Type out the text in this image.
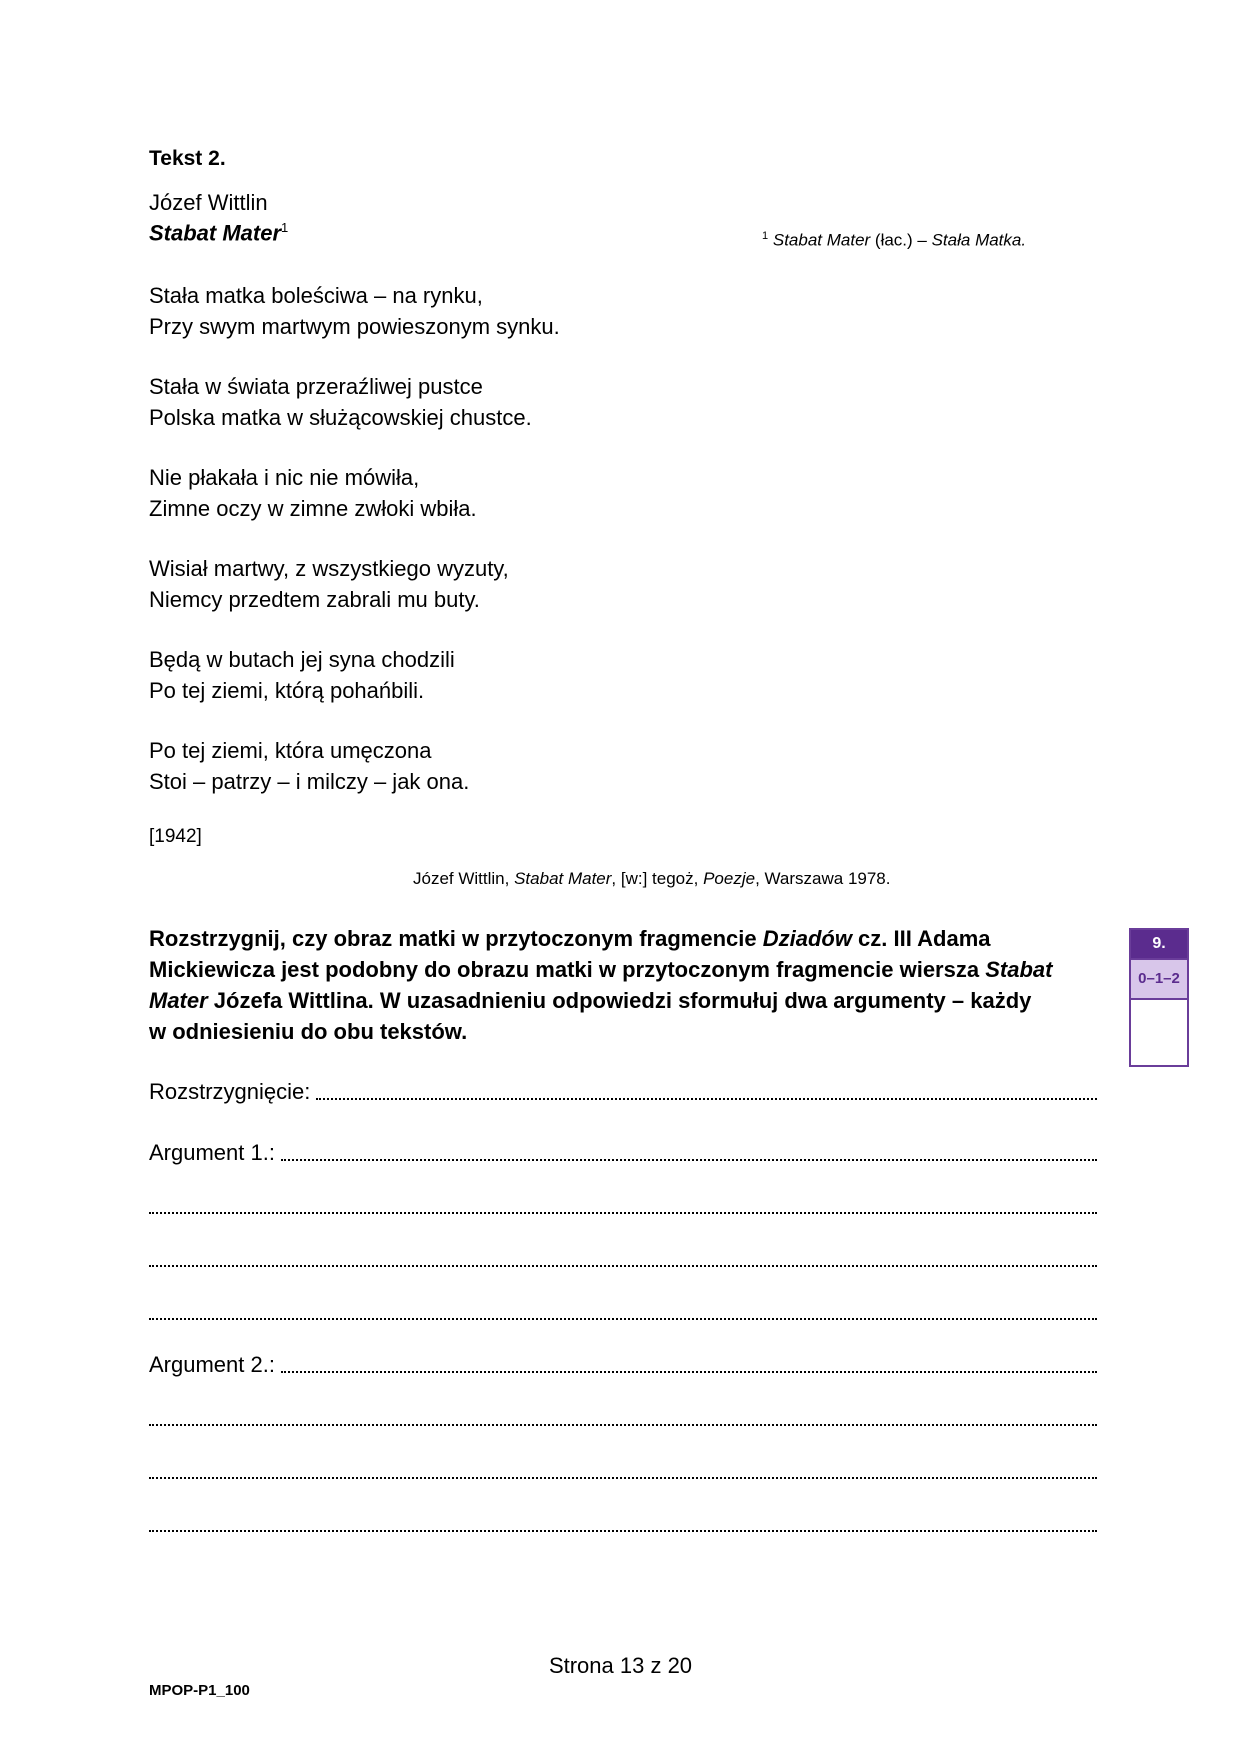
Tekst 2.
Józef Wittlin
Stabat Mater$^1$
$^1$ Stabat Mater (łac.) – Stała Matka.
Stała matka boleściwa – na rynku,
Przy swym martwym powieszonym synku.
Stała w świata przeraźliwej pustce
Polska matka w służącowskiej chustce.
Nie płakała i nic nie mówiła,
Zimne oczy w zimne zwłoki wbiła.
Wisiał martwy, z wszystkiego wyzuty,
Niemcy przedtem zabrali mu buty.
Będą w butach jej syna chodzili
Po tej ziemi, którą pohańbili.
Po tej ziemi, która umęczona
Stoi – patrzy – i milczy – jak ona.
[1942]
Józef Wittlin, Stabat Mater, [w:] tegoż, Poezje, Warszawa 1978.
Rozstrzygnij, czy obraz matki w przytoczonym fragmencie Dziadów cz. III Adama
Mickiewicza jest podobny do obrazu matki w przytoczonym fragmencie wiersza Stabat
Mater Józefa Wittlina. W uzasadnieniu odpowiedzi sformułuj dwa argumenty – każdy
w odniesieniu do obu tekstów.
9.
0–1–2
Rozstrzygnięcie:
Argument 1.:
Argument 2.:
Strona 13 z 20
MPOP-P1_100
